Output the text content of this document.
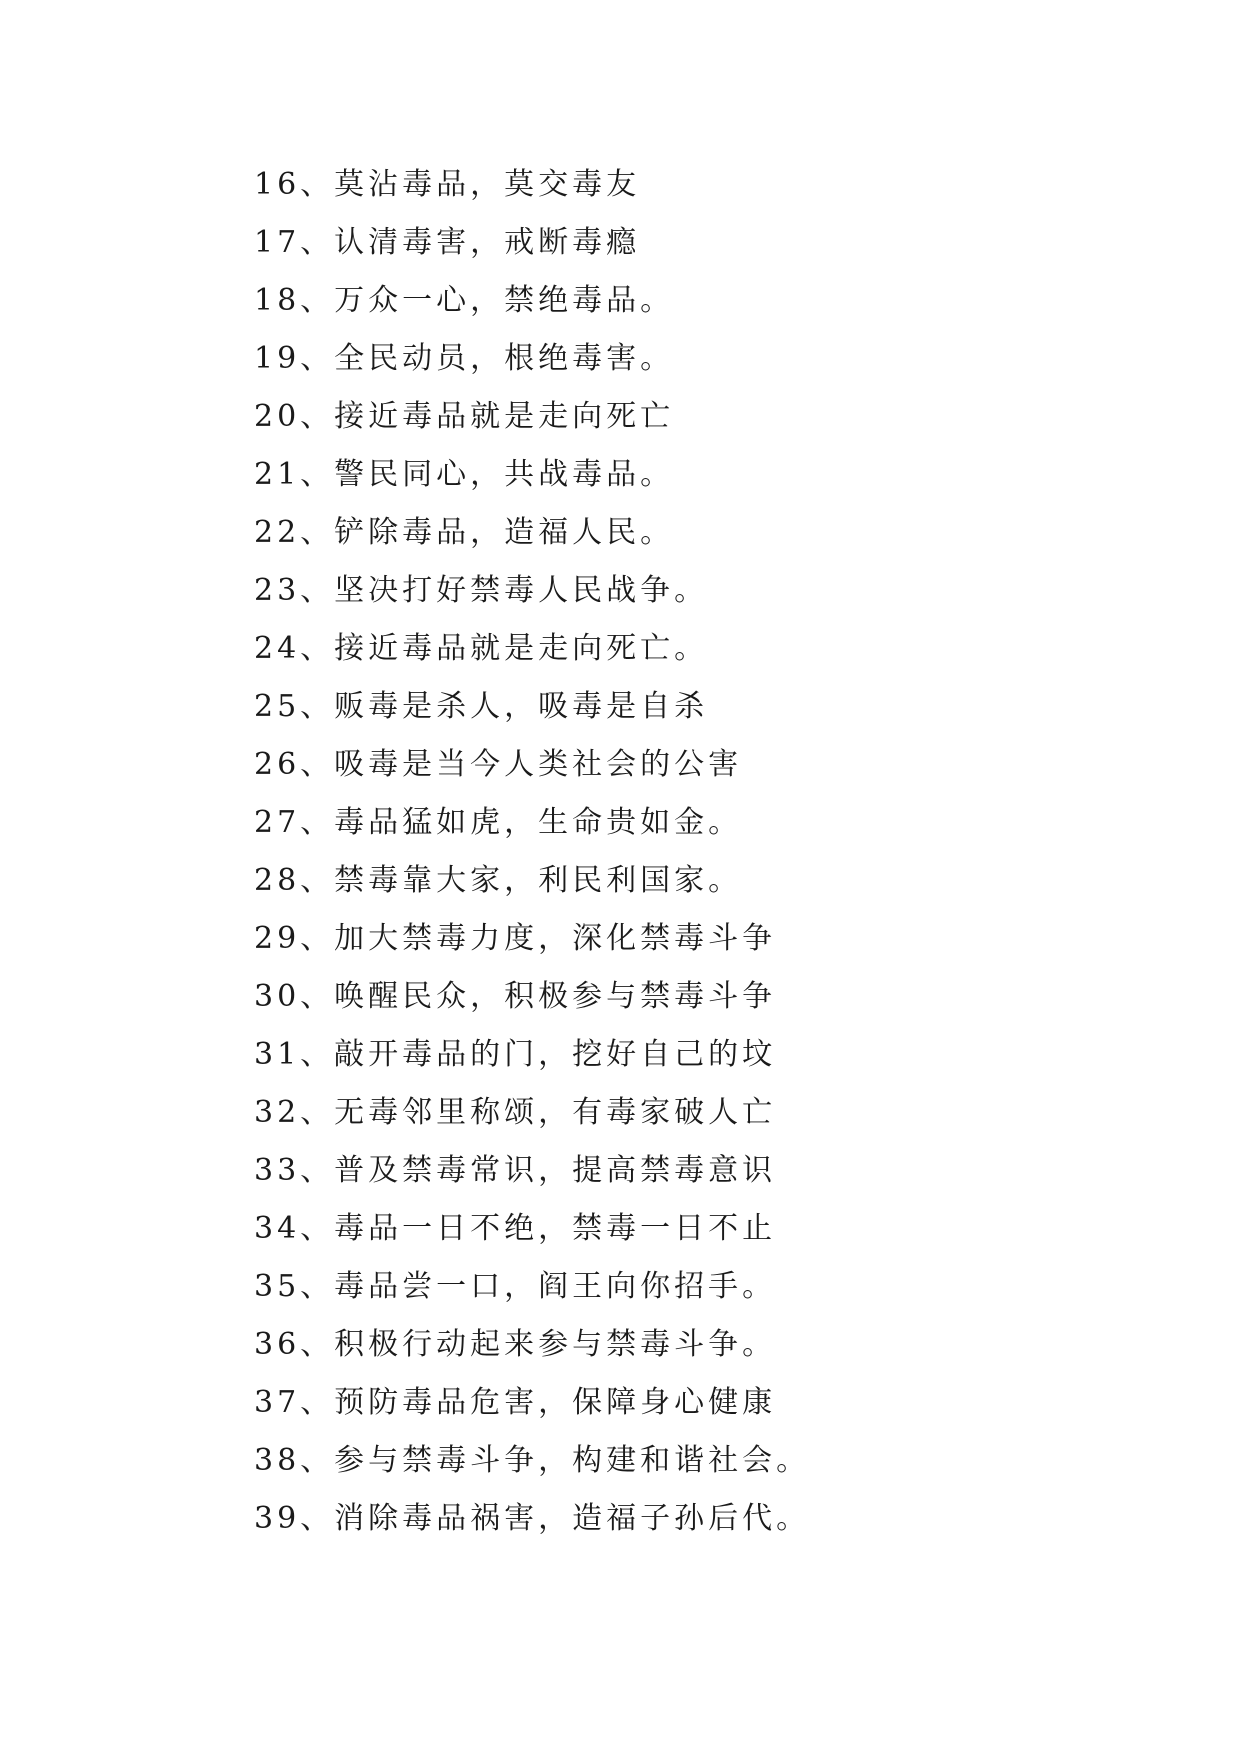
16、莫沾毒品，莫交毒友
17、认清毒害，戒断毒瘾
18、万众一心，禁绝毒品。
19、全民动员，根绝毒害。
20、接近毒品就是走向死亡
21、警民同心，共战毒品。
22、铲除毒品，造福人民。
23、坚决打好禁毒人民战争。
24、接近毒品就是走向死亡。
25、贩毒是杀人，吸毒是自杀
26、吸毒是当今人类社会的公害
27、毒品猛如虎，生命贵如金。
28、禁毒靠大家，利民利国家。
29、加大禁毒力度，深化禁毒斗争
30、唤醒民众，积极参与禁毒斗争
31、敲开毒品的门，挖好自己的坟
32、无毒邻里称颂，有毒家破人亡
33、普及禁毒常识，提高禁毒意识
34、毒品一日不绝，禁毒一日不止
35、毒品尝一口，阎王向你招手。
36、积极行动起来参与禁毒斗争。
37、预防毒品危害，保障身心健康
38、参与禁毒斗争，构建和谐社会。
39、消除毒品祸害，造福子孙后代。
